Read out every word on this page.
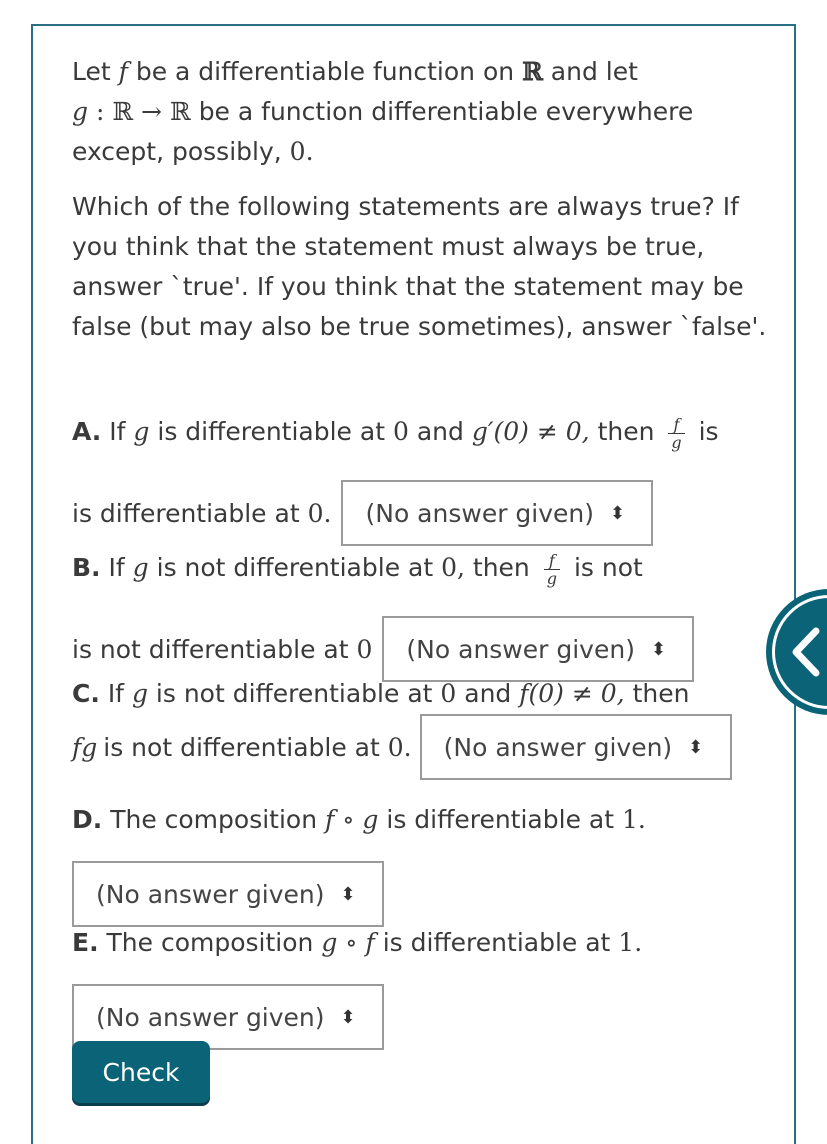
Let f be a differentiable function on ℝ and let
g : ℝ → ℝ be a function differentiable everywhere except, possibly, 0.

Which of the following statements are always true? If you think that the statement must always be true, answer `true'. If you think that the statement may be false (but may also be true sometimes), answer `false'.

A. If g is differentiable at 0 and g′(0) ≠ 0, then $\frac{f}{g}$ is

is differentiable at 0. (No answer given) ⬍

B. If g is not differentiable at 0, then $\frac{f}{g}$ is not

is not differentiable at 0 (No answer given) ⬍

C. If g is not differentiable at 0 and f(0) ≠ 0, then

fg is not differentiable at 0. (No answer given) ⬍

D. The composition f ∘ g is differentiable at 1.

(No answer given) ⬍

E. The composition g ∘ f is differentiable at 1.

(No answer given) ⬍
Check
